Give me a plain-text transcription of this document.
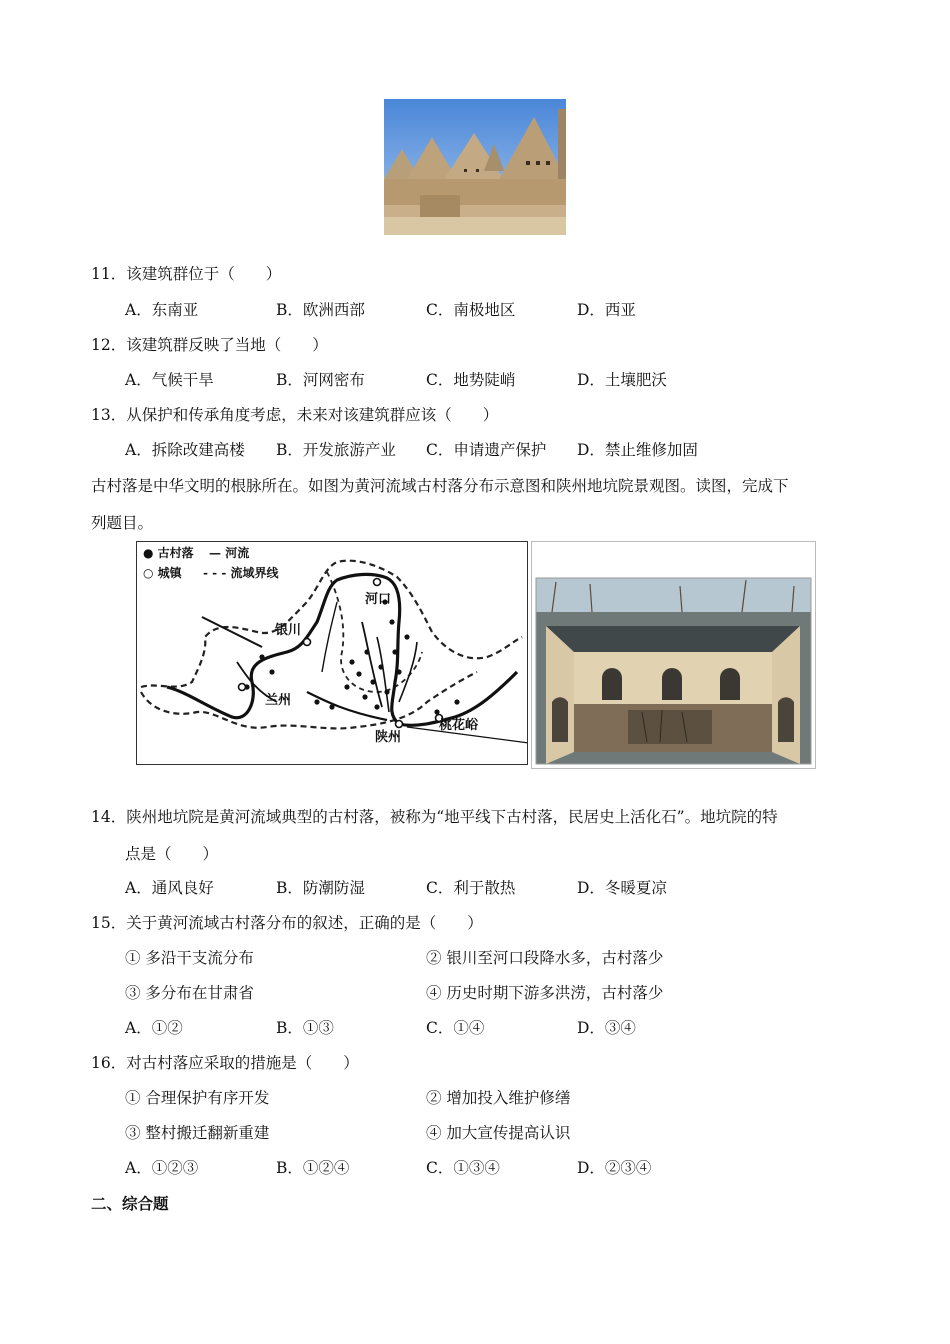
11．该建筑群位于（　　）
A．东南亚	B．欧洲西部	C．南极地区	D．西亚
12．该建筑群反映了当地（　　）
A．气候干旱	B．河网密布	C．地势陡峭	D．土壤肥沃
13．从保护和传承角度考虑，未来对该建筑群应该（　　）
A．拆除改建高楼 B．开发旅游产业 C．申请遗产保护 D．禁止维修加固
古村落是中华文明的根脉所在。如图为黄河流域古村落分布示意图和陕州地坑院景观图。读图，完成下
列题目。
● 古村落 — 河流
○ 城镇 - - - 流域界线
河口
银川
兰州
陕州
桃花峪
14．陕州地坑院是黄河流域典型的古村落，被称为“地平线下古村落，民居史上活化石”。地坑院的特
点是（　　）
A．通风良好	B．防潮防湿	C．利于散热	D．冬暖夏凉
15．关于黄河流域古村落分布的叙述，正确的是（　　）
① 多沿干支流分布	② 银川至河口段降水多，古村落少
③ 多分布在甘肃省	④ 历史时期下游多洪涝，古村落少
A．①②	B．①③	C．①④	D．③④
16．对古村落应采取的措施是（　　）
① 合理保护有序开发	② 增加投入维护修缮
③ 整村搬迁翻新重建	④ 加大宣传提高认识
A．①②③	B．①②④	C．①③④	D．②③④
二、综合题
